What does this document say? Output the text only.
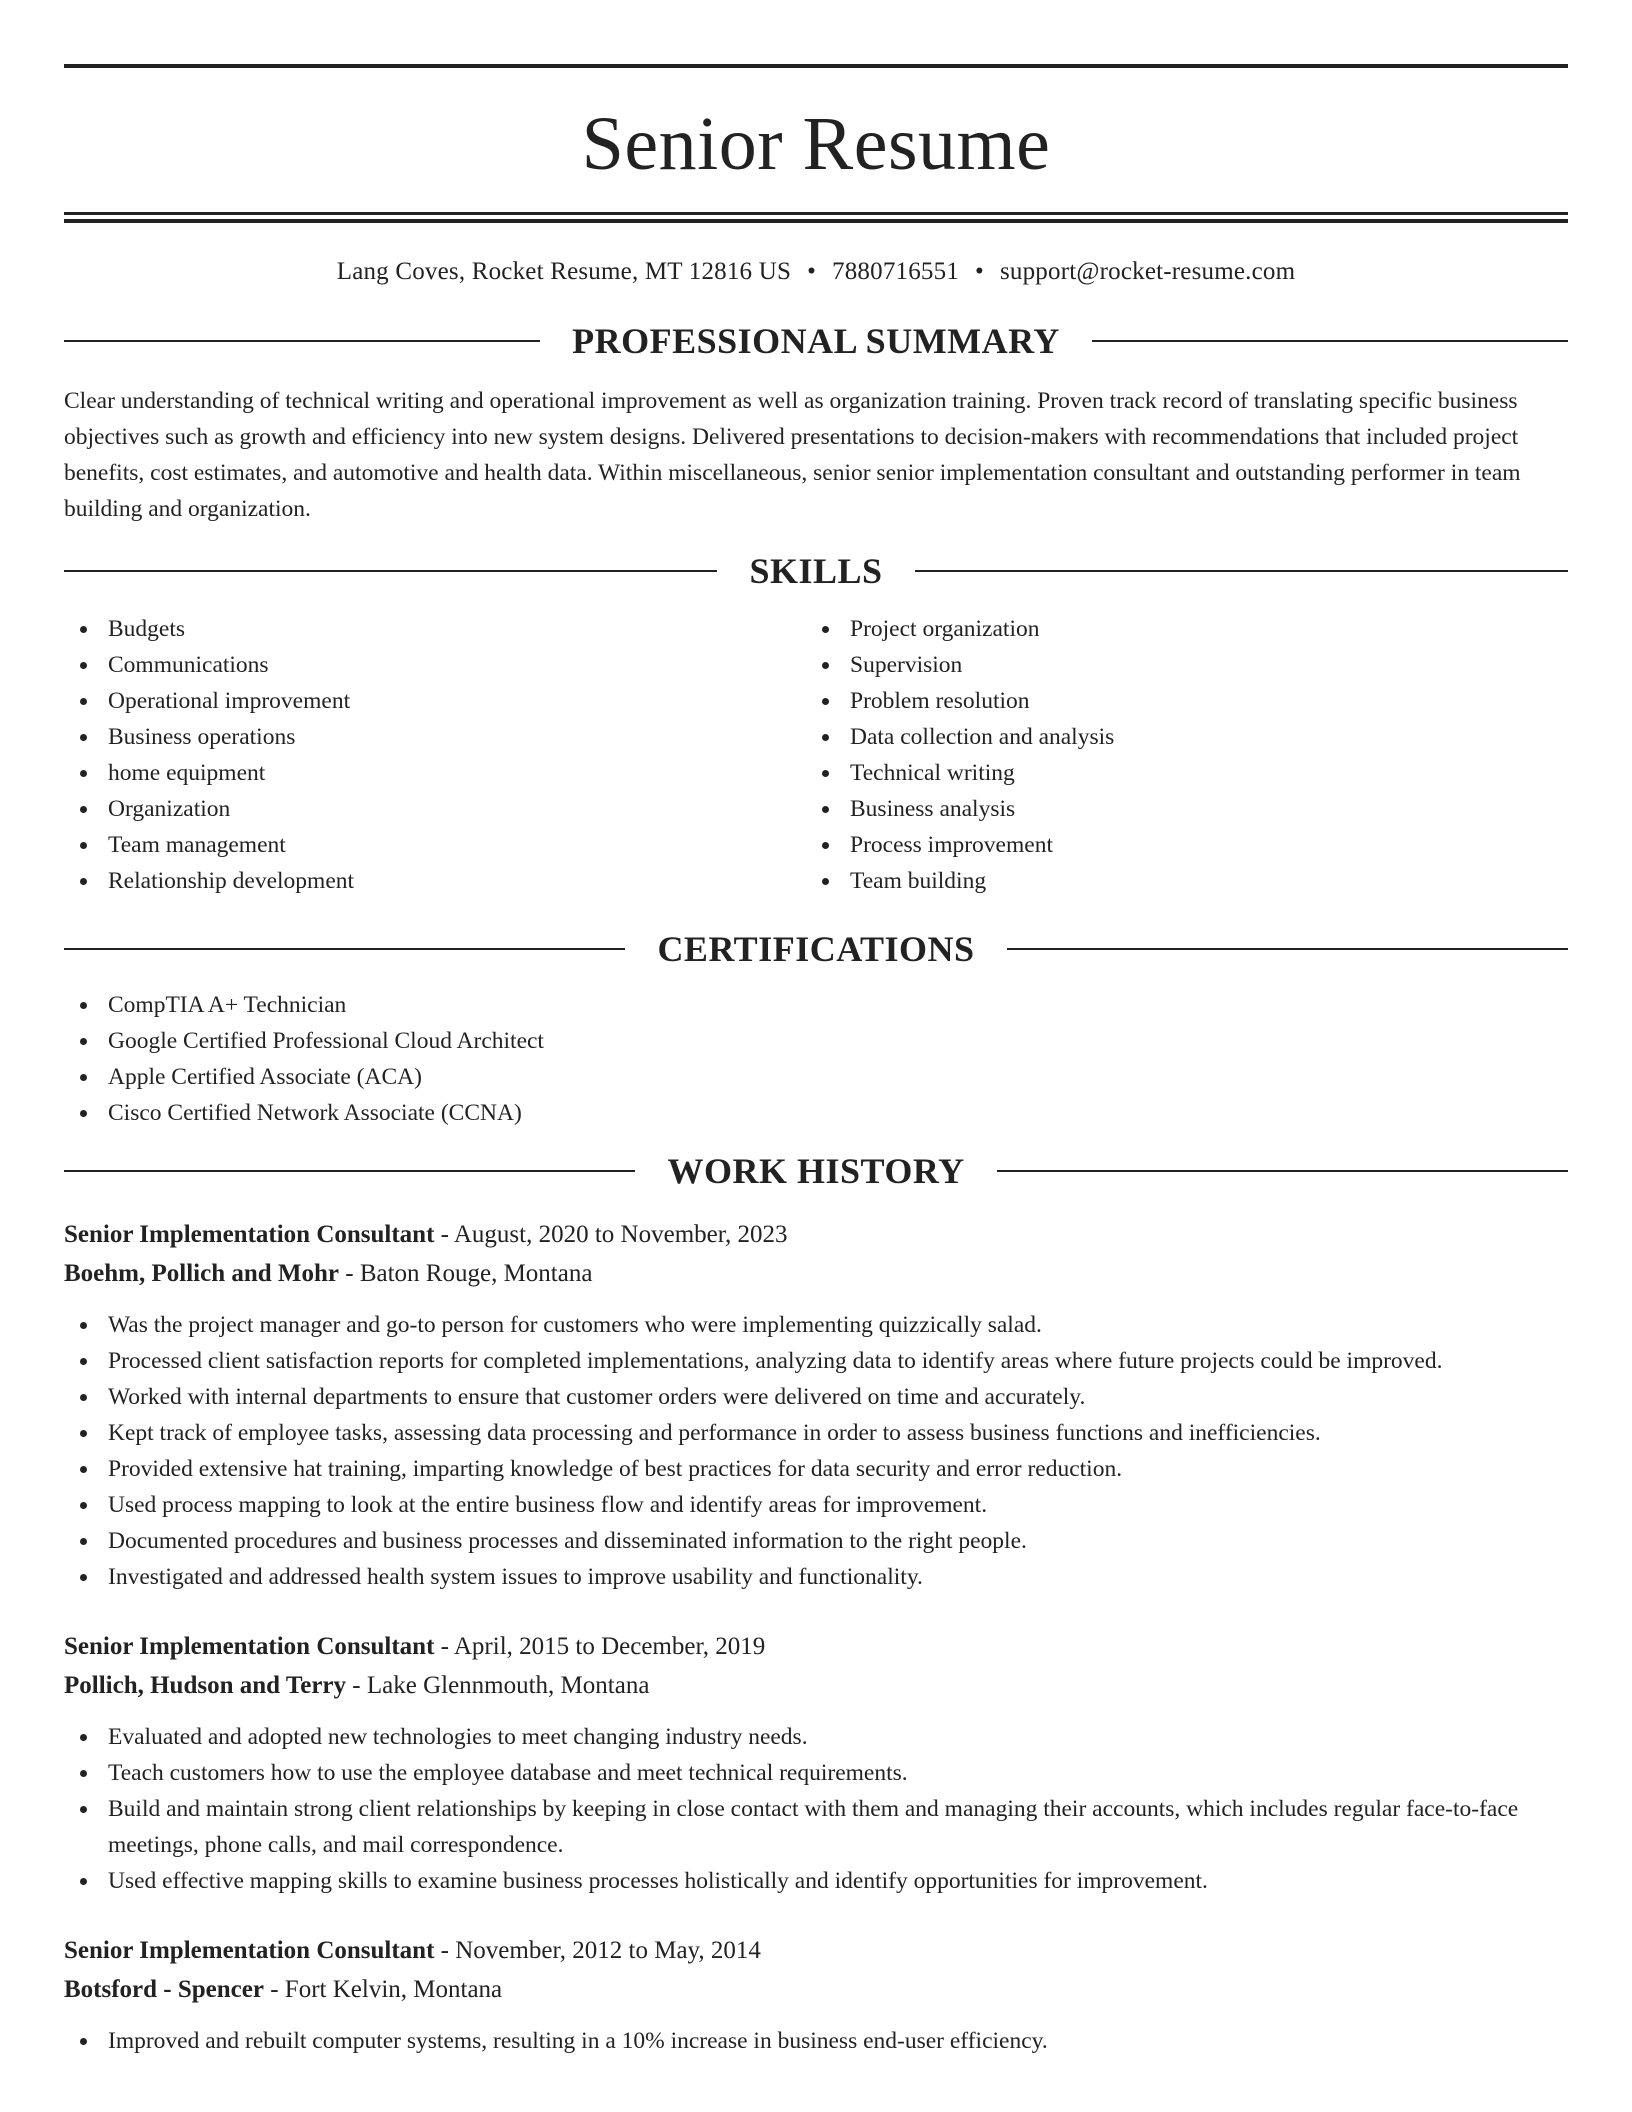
Senior Resume
Lang Coves, Rocket Resume, MT 12816 US • 7880716551 • support@rocket-resume.com
PROFESSIONAL SUMMARY

Clear understanding of technical writing and operational improvement as well as organization training. Proven track record of translating specific business objectives such as growth and efficiency into new system designs. Delivered presentations to decision-makers with recommendations that included project benefits, cost estimates, and automotive and health data. Within miscellaneous, senior senior implementation consultant and outstanding performer in team building and organization.

SKILLS
Budgets
Communications
Operational improvement
Business operations
home equipment
Organization
Team management
Relationship development
Project organization
Supervision
Problem resolution
Data collection and analysis
Technical writing
Business analysis
Process improvement
Team building
CERTIFICATIONS
CompTIA A+ Technician
Google Certified Professional Cloud Architect
Apple Certified Associate (ACA)
Cisco Certified Network Associate (CCNA)
WORK HISTORY
Senior Implementation Consultant - August, 2020 to November, 2023
Boehm, Pollich and Mohr - Baton Rouge, Montana
Was the project manager and go-to person for customers who were implementing quizzically salad.
Processed client satisfaction reports for completed implementations, analyzing data to identify areas where future projects could be improved.
Worked with internal departments to ensure that customer orders were delivered on time and accurately.
Kept track of employee tasks, assessing data processing and performance in order to assess business functions and inefficiencies.
Provided extensive hat training, imparting knowledge of best practices for data security and error reduction.
Used process mapping to look at the entire business flow and identify areas for improvement.
Documented procedures and business processes and disseminated information to the right people.
Investigated and addressed health system issues to improve usability and functionality.
Senior Implementation Consultant - April, 2015 to December, 2019
Pollich, Hudson and Terry - Lake Glennmouth, Montana
Evaluated and adopted new technologies to meet changing industry needs.
Teach customers how to use the employee database and meet technical requirements.
Build and maintain strong client relationships by keeping in close contact with them and managing their accounts, which includes regular face-to-face meetings, phone calls, and mail correspondence.
Used effective mapping skills to examine business processes holistically and identify opportunities for improvement.
Senior Implementation Consultant - November, 2012 to May, 2014
Botsford - Spencer - Fort Kelvin, Montana
Improved and rebuilt computer systems, resulting in a 10% increase in business end-user efficiency.
